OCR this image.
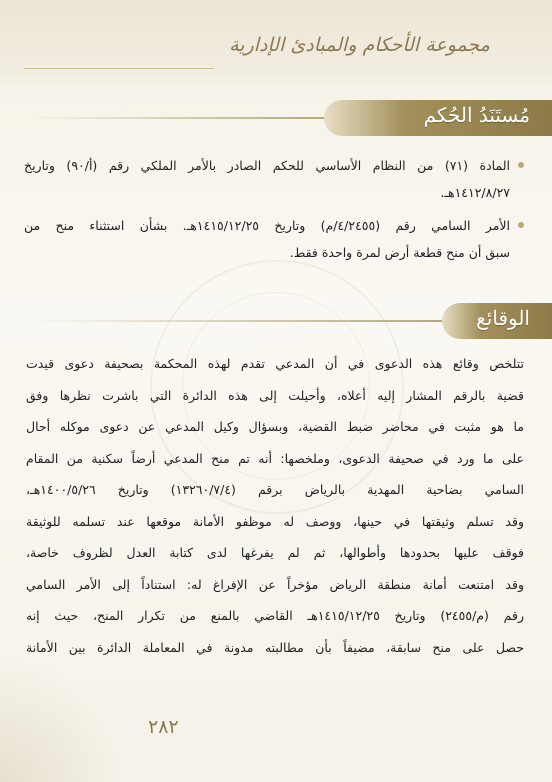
مجموعة الأحكام والمبادئ الإدارية
مُستَنَدُ الحُكم
المادة (٧١) من النظام الأساسي للحكم الصادر بالأمر الملكي رقم (أ/٩٠) وتاريخ
١٤١٢/٨/٢٧هـ.
الأمر السامي رقم (٤/٢٤٥٥/م) وتاريخ ١٤١٥/١٢/٢٥هـ. بشأن استثناء منح من
سبق أن منح قطعة أرض لمرة واحدة فقط.
الوقائع
تتلخص وقائع هذه الدعوى في أن المدعي تقدم لهذه المحكمة بصحيفة دعوى قيدت
قضية بالرقم المشار إليه أعلاه، وأحيلت إلى هذه الدائرة التي باشرت نظرها وفق
ما هو مثبت في محاضر ضبط القضية، وبسؤال وكيل المدعي عن دعوى موكله أحال
على ما ورد في صحيفة الدعوى، وملخصها: أنه تم منح المدعي أرضاً سكنية من المقام
السامي بضاحية المهدية بالرياض برقم (١٣٢٦٠/٧/٤) وتاريخ ١٤٠٠/٥/٢٦هـ،
وقد تسلم وثيقتها في حينها، ووصف له موظفو الأمانة موقعها عند تسلمه للوثيقة
فوقف عليها بحدودها وأطوالها، ثم لم يفرغها لدى كتابة العدل لظروف خاصة،
وقد امتنعت أمانة منطقة الرياض مؤخراً عن الإفراغ له: استناداً إلى الأمر السامي
رقم (م/٢٤٥٥) وتاريخ ١٤١٥/١٢/٢٥هـ القاضي بالمنع من تكرار المنح، حيث إنه
حصل على منح سابقة، مضيفاً بأن مطالبته مدونة في المعاملة الدائرة بين الأمانة
٢٨٢
